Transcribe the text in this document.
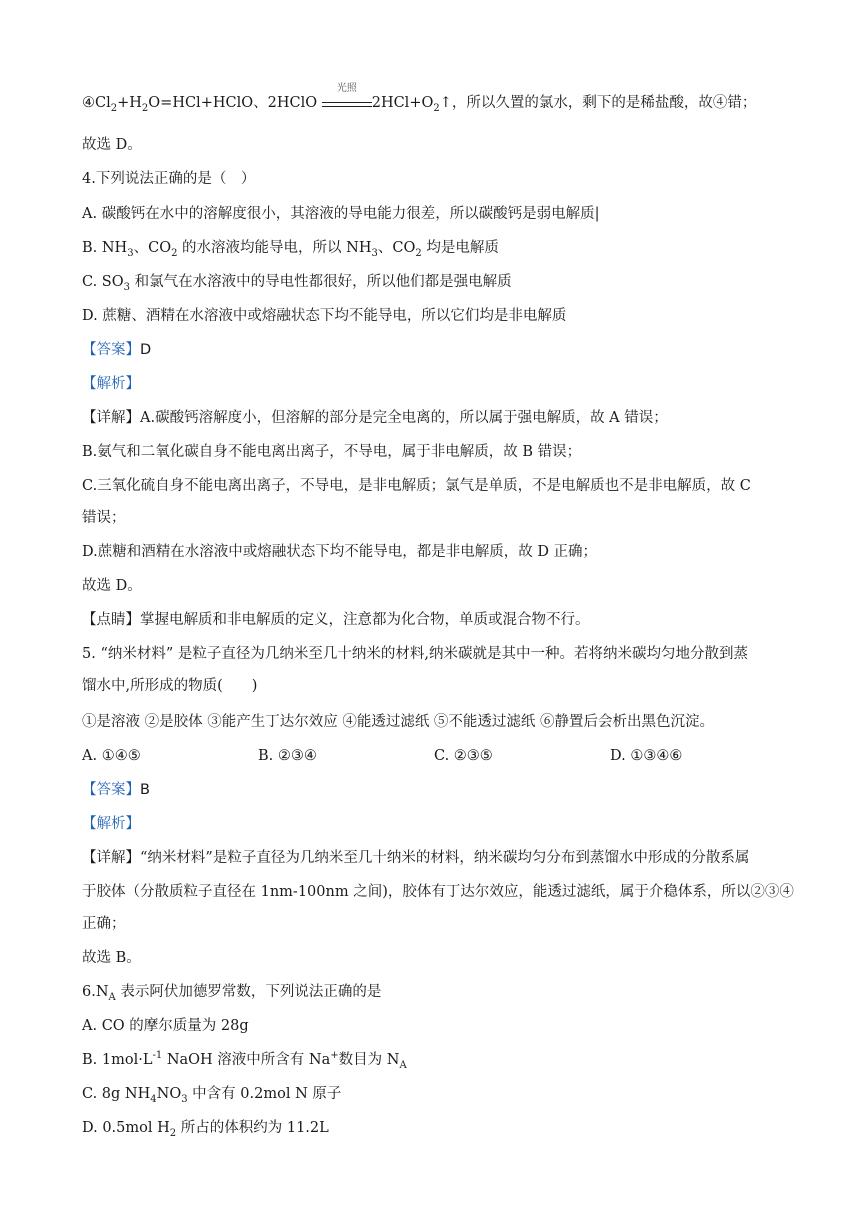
$④Cl_2+H_2O=HCl+HClO$、2HClO
光照
$2HCl+O_2↑$，所以久置的氯水，剩下的是稀盐酸，故④错；
故选 D。
4.下列说法正确的是（　）
A. 碳酸钙在水中的溶解度很小，其溶液的导电能力很差，所以碳酸钙是弱电解质|
B. $NH_3$、$CO_2$ 的水溶液均能导电，所以 $NH_3$、$CO_2$ 均是电解质
C. $SO_3$ 和氯气在水溶液中的导电性都很好，所以他们都是强电解质
D. 蔗糖、酒精在水溶液中或熔融状态下均不能导电，所以它们均是非电解质
【答案】D
【解析】
【详解】A.碳酸钙溶解度小，但溶解的部分是完全电离的，所以属于强电解质，故 A 错误；
B.氨气和二氧化碳自身不能电离出离子，不导电，属于非电解质，故 B 错误；
C.三氧化硫自身不能电离出离子，不导电，是非电解质；氯气是单质，不是电解质也不是非电解质，故 C
错误；
D.蔗糖和酒精在水溶液中或熔融状态下均不能导电，都是非电解质，故 D 正确；
故选 D。
【点睛】掌握电解质和非电解质的定义，注意都为化合物，单质或混合物不行。
5. “纳米材料” 是粒子直径为几纳米至几十纳米的材料,纳米碳就是其中一种。若将纳米碳均匀地分散到蒸
馏水中,所形成的物质(　　)
①是溶液 ②是胶体 ③能产生丁达尔效应 ④能透过滤纸 ⑤不能透过滤纸 ⑥静置后会析出黑色沉淀。
A. ①④⑤	B. ②③④	C. ②③⑤	D. ①③④⑥
【答案】B
【解析】
【详解】“纳米材料”是粒子直径为几纳米至几十纳米的材料，纳米碳均匀分布到蒸馏水中形成的分散系属
于胶体（分散质粒子直径在 1nm-100nm 之间)，胶体有丁达尔效应，能透过滤纸，属于介稳体系，所以②③④
正确；
故选 B。
$6.N_A$ 表示阿伏加德罗常数，下列说法正确的是
A. CO 的摩尔质量为 28g
B. $1mol\cdot L^{-1}$ NaOH 溶液中所含有 Na+数目为 $N_A$
C. 8g $NH_4NO_3$ 中含有 0.2mol N 原子
D. 0.5mol $H_2$ 所占的体积约为 11.2L
